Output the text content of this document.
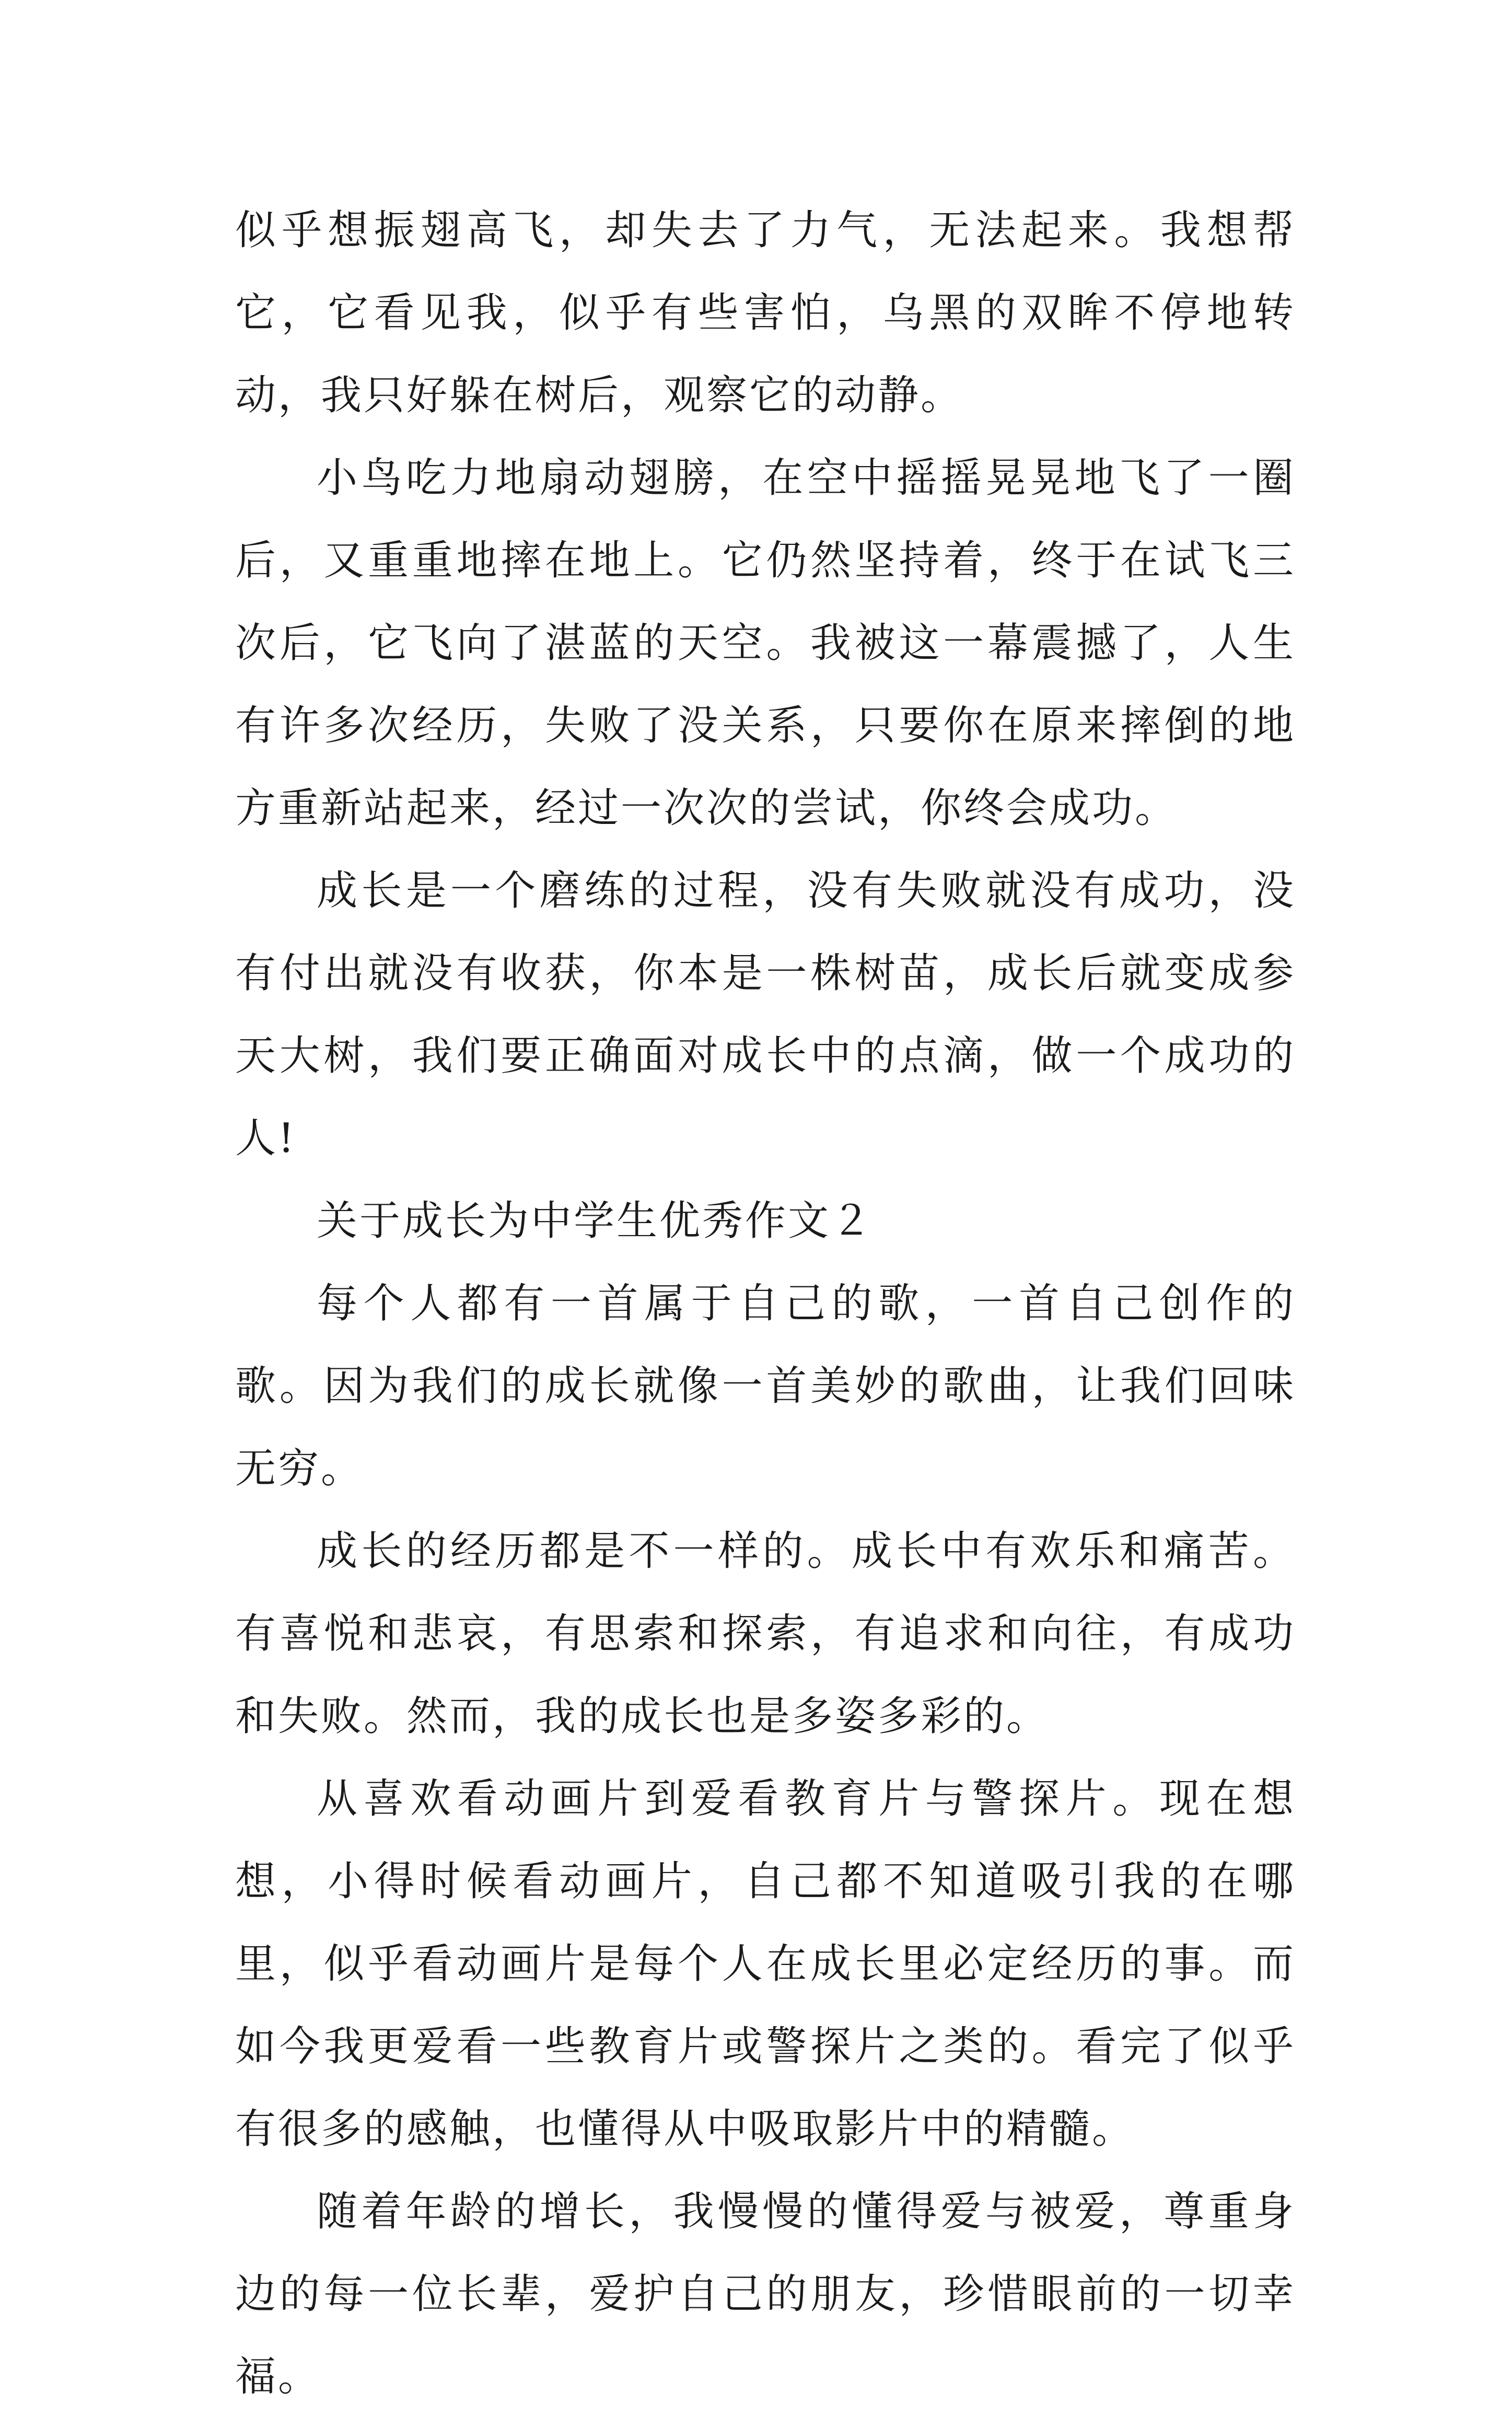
似乎想振翅高飞，却失去了力气，无法起来。我想帮它，它看见我，似乎有些害怕，乌黑的双眸不停地转动，我只好躲在树后，观察它的动静。

小鸟吃力地扇动翅膀，在空中摇摇晃晃地飞了一圈后，又重重地摔在地上。它仍然坚持着，终于在试飞三次后，它飞向了湛蓝的天空。我被这一幕震撼了，人生有许多次经历，失败了没关系，只要你在原来摔倒的地方重新站起来，经过一次次的尝试，你终会成功。

成长是一个磨练的过程，没有失败就没有成功，没有付出就没有收获，你本是一株树苗，成长后就变成参天大树，我们要正确面对成长中的点滴，做一个成功的人!

关于成长为中学生优秀作文２

每个人都有一首属于自己的歌，一首自己创作的歌。因为我们的成长就像一首美妙的歌曲，让我们回味无穷。

成长的经历都是不一样的。成长中有欢乐和痛苦。有喜悦和悲哀，有思索和探索，有追求和向往，有成功和失败。然而，我的成长也是多姿多彩的。

从喜欢看动画片到爱看教育片与警探片。现在想想，小得时候看动画片，自己都不知道吸引我的在哪里，似乎看动画片是每个人在成长里必定经历的事。而如今我更爱看一些教育片或警探片之类的。看完了似乎有很多的感触，也懂得从中吸取影片中的精髓。

随着年龄的增长，我慢慢的懂得爱与被爱，尊重身边的每一位长辈，爱护自己的朋友，珍惜眼前的一切幸福。
